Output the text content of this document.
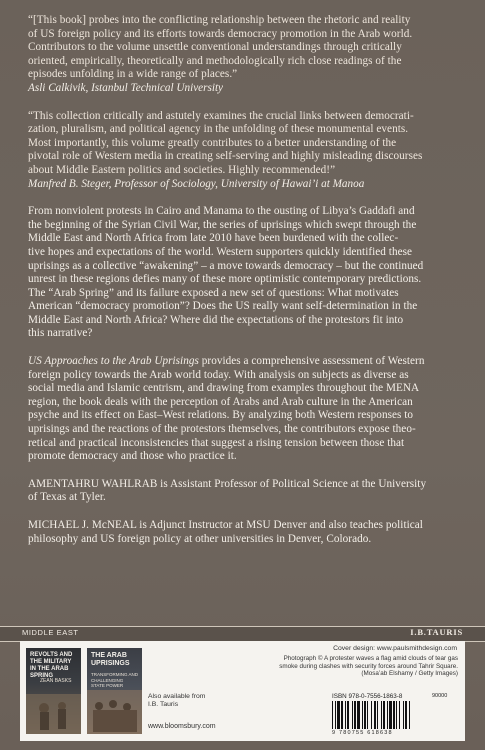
“[This book] probes into the conflicting relationship between the rhetoric and reality

of US foreign policy and its efforts towards democracy promotion in the Arab world.

Contributors to the volume unsettle conventional understandings through critically

oriented, empirically, theoretically and methodologically rich close readings of the

episodes unfolding in a wide range of places.”

Asli Calkivik, Istanbul Technical University

“This collection critically and astutely examines the crucial links between democrati-

zation, pluralism, and political agency in the unfolding of these monumental events.

Most importantly, this volume greatly contributes to a better understanding of the

pivotal role of Western media in creating self-serving and highly misleading discourses

about Middle Eastern politics and societies. Highly recommended!”

Manfred B. Steger, Professor of Sociology, University of Hawai’i at Manoa

From nonviolent protests in Cairo and Manama to the ousting of Libya’s Gaddafi and

the beginning of the Syrian Civil War, the series of uprisings which swept through the

Middle East and North Africa from late 2010 have been burdened with the collec-

tive hopes and expectations of the world. Western supporters quickly identified these

uprisings as a collective “awakening” – a move towards democracy – but the continued

unrest in these regions defies many of these more optimistic contemporary predictions.

The “Arab Spring” and its failure exposed a new set of questions: What motivates

American “democracy promotion”? Does the US really want self-determination in the

Middle East and North Africa? Where did the expectations of the protestors fit into

this narrative?

US Approaches to the Arab Uprisings provides a comprehensive assessment of Western

foreign policy towards the Arab world today. With analysis on subjects as diverse as

social media and Islamic centrism, and drawing from examples throughout the MENA

region, the book deals with the perception of Arabs and Arab culture in the American

psyche and its effect on East–West relations. By analyzing both Western responses to

uprisings and the reactions of the protestors themselves, the contributors expose theo-

retical and practical inconsistencies that suggest a rising tension between those that

promote democracy and those who practice it.

AMENTAHRU WAHLRAB is Assistant Professor of Political Science at the University

of Texas at Tyler.

MICHAEL J. McNEAL is Adjunct Instructor at MSU Denver and also teaches political

philosophy and US foreign policy at other universities in Denver, Colorado.

MIDDLE EAST	I.B.TAURIS
REVOLTS AND THE MILITARY IN THE ARAB SPRING
ZEAN BASKS
THE ARAB UPRISINGS
TRANSFORMING AND CHALLENGING STATE POWER
Also available from
I.B. Tauris
www.bloomsbury.com
Cover design: www.paulsmithdesign.com
Photograph © A protester waves a flag amid clouds of tear gas
smoke during clashes with security forces around Tahrir Square.
(Mosa’ab Elshamy / Getty Images)
ISBN 978-0-7556-1863-8	90000
9 780755 618638
